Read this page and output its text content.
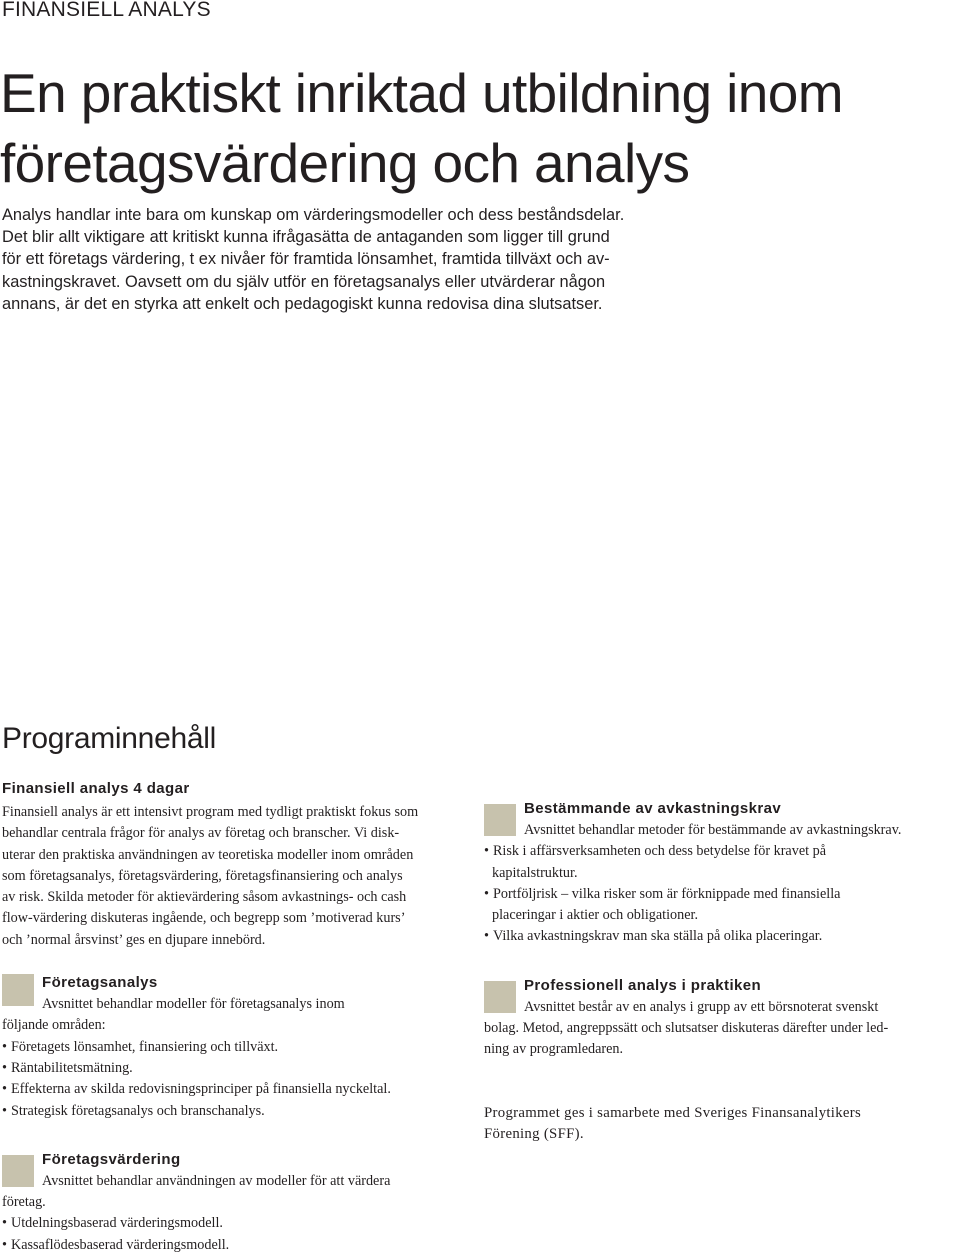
FINANSIELL ANALYS
En praktiskt inriktad utbildning inom
företagsvärdering och analys

Analys handlar inte bara om kunskap om värderingsmodeller och dess beståndsdelar.

Det blir allt viktigare att kritiskt kunna ifrågasätta de antaganden som ligger till grund

för ett företags värdering, t ex nivåer för framtida lönsamhet, framtida tillväxt och av-

kastningskravet. Oavsett om du själv utför en företagsanalys eller utvärderar någon

annans, är det en styrka att enkelt och pedagogiskt kunna redovisa dina slutsatser.

Programinnehåll
Finansiell analys 4 dagar

Finansiell analys är ett intensivt program med tydligt praktiskt fokus som

behandlar centrala frågor för analys av företag och branscher. Vi disk-

uterar den praktiska användningen av teoretiska modeller inom områden

som företagsanalys, företagsvärdering, företagsfinansiering och analys

av risk. Skilda metoder för aktievärdering såsom avkastnings- och cash

flow-värdering diskuteras ingående, och begrepp som ’motiverad kurs’

och ’normal årsvinst’ ges en djupare innebörd.

Företagsanalys
Avsnittet behandlar modeller för företagsanalys inom
följande områden:
• Företagets lönsamhet, finansiering och tillväxt.
• Räntabilitetsmätning.
• Effekterna av skilda redovisningsprinciper på finansiella nyckeltal.
• Strategisk företagsanalys och branschanalys.
Företagsvärdering
Avsnittet behandlar användningen av modeller för att värdera
företag.
• Utdelningsbaserad värderingsmodell.
• Kassaflödesbaserad värderingsmodell.
Bestämmande av avkastningskrav
Avsnittet behandlar metoder för bestämmande av avkastningskrav.
• Risk i affärsverksamheten och dess betydelse för kravet på
kapitalstruktur.
• Portföljrisk – vilka risker som är förknippade med finansiella
placeringar i aktier och obligationer.
• Vilka avkastningskrav man ska ställa på olika placeringar.
Professionell analys i praktiken
Avsnittet består av en analys i grupp av ett börsnoterat svenskt
bolag. Metod, angreppssätt och slutsatser diskuteras därefter under led-
ning av programledaren.
Programmet ges i samarbete med Sveriges Finansanalytikers
Förening (SFF).
